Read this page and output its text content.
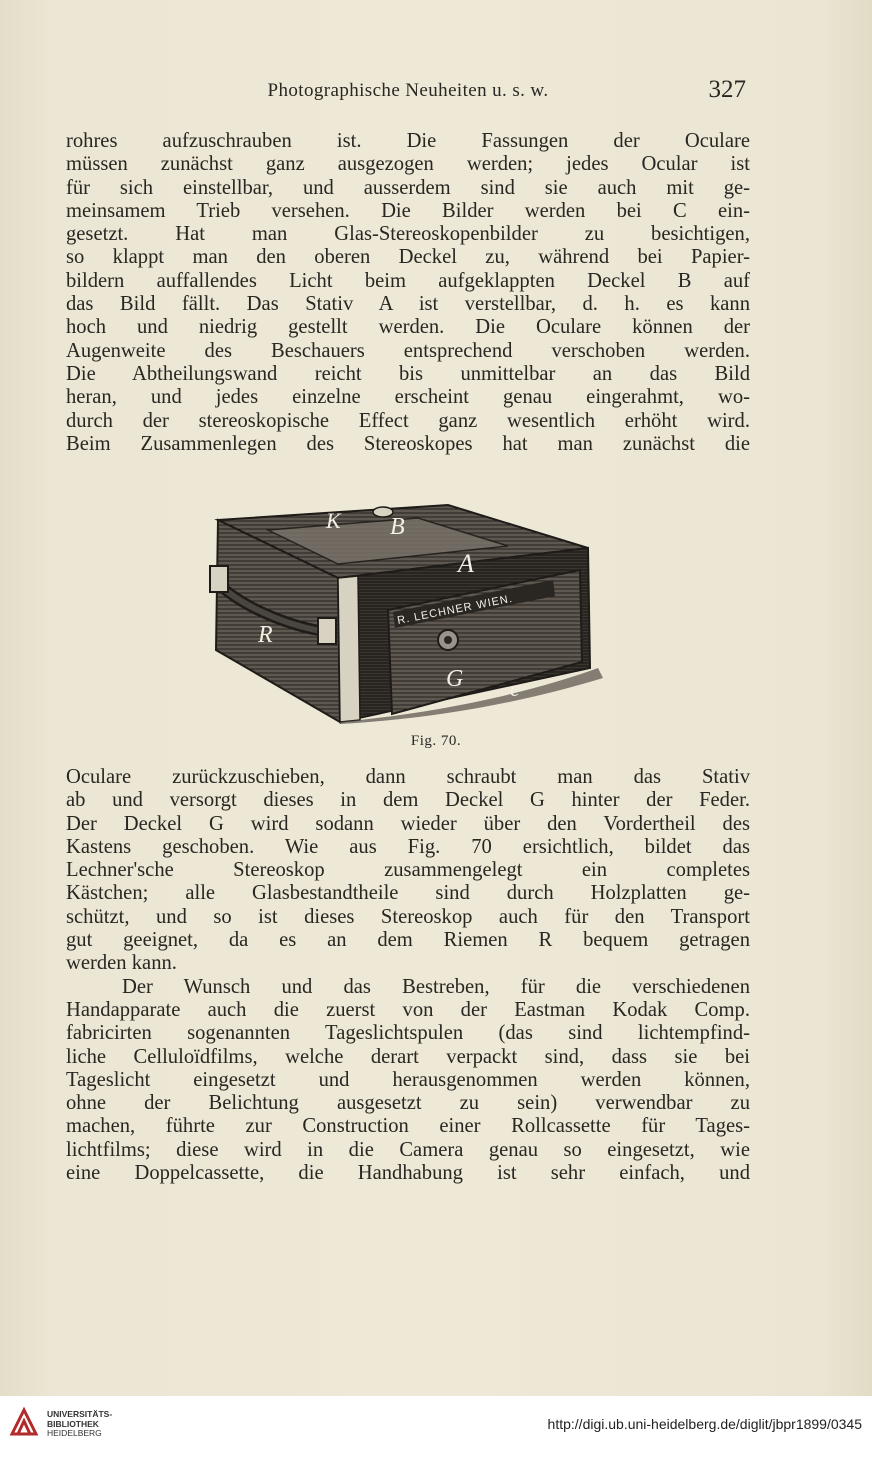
Photographische Neuheiten u. s. w.	327
rohres aufzuschrauben ist. Die Fassungen der Oculare
müssen zunächst ganz ausgezogen werden; jedes Ocular ist
für sich einstellbar, und ausserdem sind sie auch mit ge-
meinsamem Trieb versehen. Die Bilder werden bei C ein-
gesetzt. Hat man Glas-Stereoskopenbilder zu besichtigen,
so klappt man den oberen Deckel zu, während bei Papier-
bildern auffallendes Licht beim aufgeklappten Deckel B auf
das Bild fällt. Das Stativ A ist verstellbar, d. h. es kann
hoch und niedrig gestellt werden. Die Oculare können der
Augenweite des Beschauers entsprechend verschoben werden.
Die Abtheilungswand reicht bis unmittelbar an das Bild
heran, und jedes einzelne erscheint genau eingerahmt, wo-
durch der stereoskopische Effect ganz wesentlich erhöht wird.
Beim Zusammenlegen des Stereoskopes hat man zunächst die
K B
A
R
G c
R. LECHNER WIEN.
Fig. 70.
Oculare zurückzuschieben, dann schraubt man das Stativ
ab und versorgt dieses in dem Deckel G hinter der Feder.
Der Deckel G wird sodann wieder über den Vordertheil des
Kastens geschoben. Wie aus Fig. 70 ersichtlich, bildet das
Lechner'sche Stereoskop zusammengelegt ein completes
Kästchen; alle Glasbestandtheile sind durch Holzplatten ge-
schützt, und so ist dieses Stereoskop auch für den Transport
gut geeignet, da es an dem Riemen R bequem getragen
werden kann.
Der Wunsch und das Bestreben, für die verschiedenen
Handapparate auch die zuerst von der Eastman Kodak Comp.
fabricirten sogenannten Tageslichtspulen (das sind lichtempfind-
liche Celluloïdfilms, welche derart verpackt sind, dass sie bei
Tageslicht eingesetzt und herausgenommen werden können,
ohne der Belichtung ausgesetzt zu sein) verwendbar zu
machen, führte zur Construction einer Rollcassette für Tages-
lichtfilms; diese wird in die Camera genau so eingesetzt, wie
eine Doppelcassette, die Handhabung ist sehr einfach, und
UNIVERSITÄTS-
BIBLIOTHEK
HEIDELBERG
http://digi.ub.uni-heidelberg.de/diglit/jbpr1899/0345
